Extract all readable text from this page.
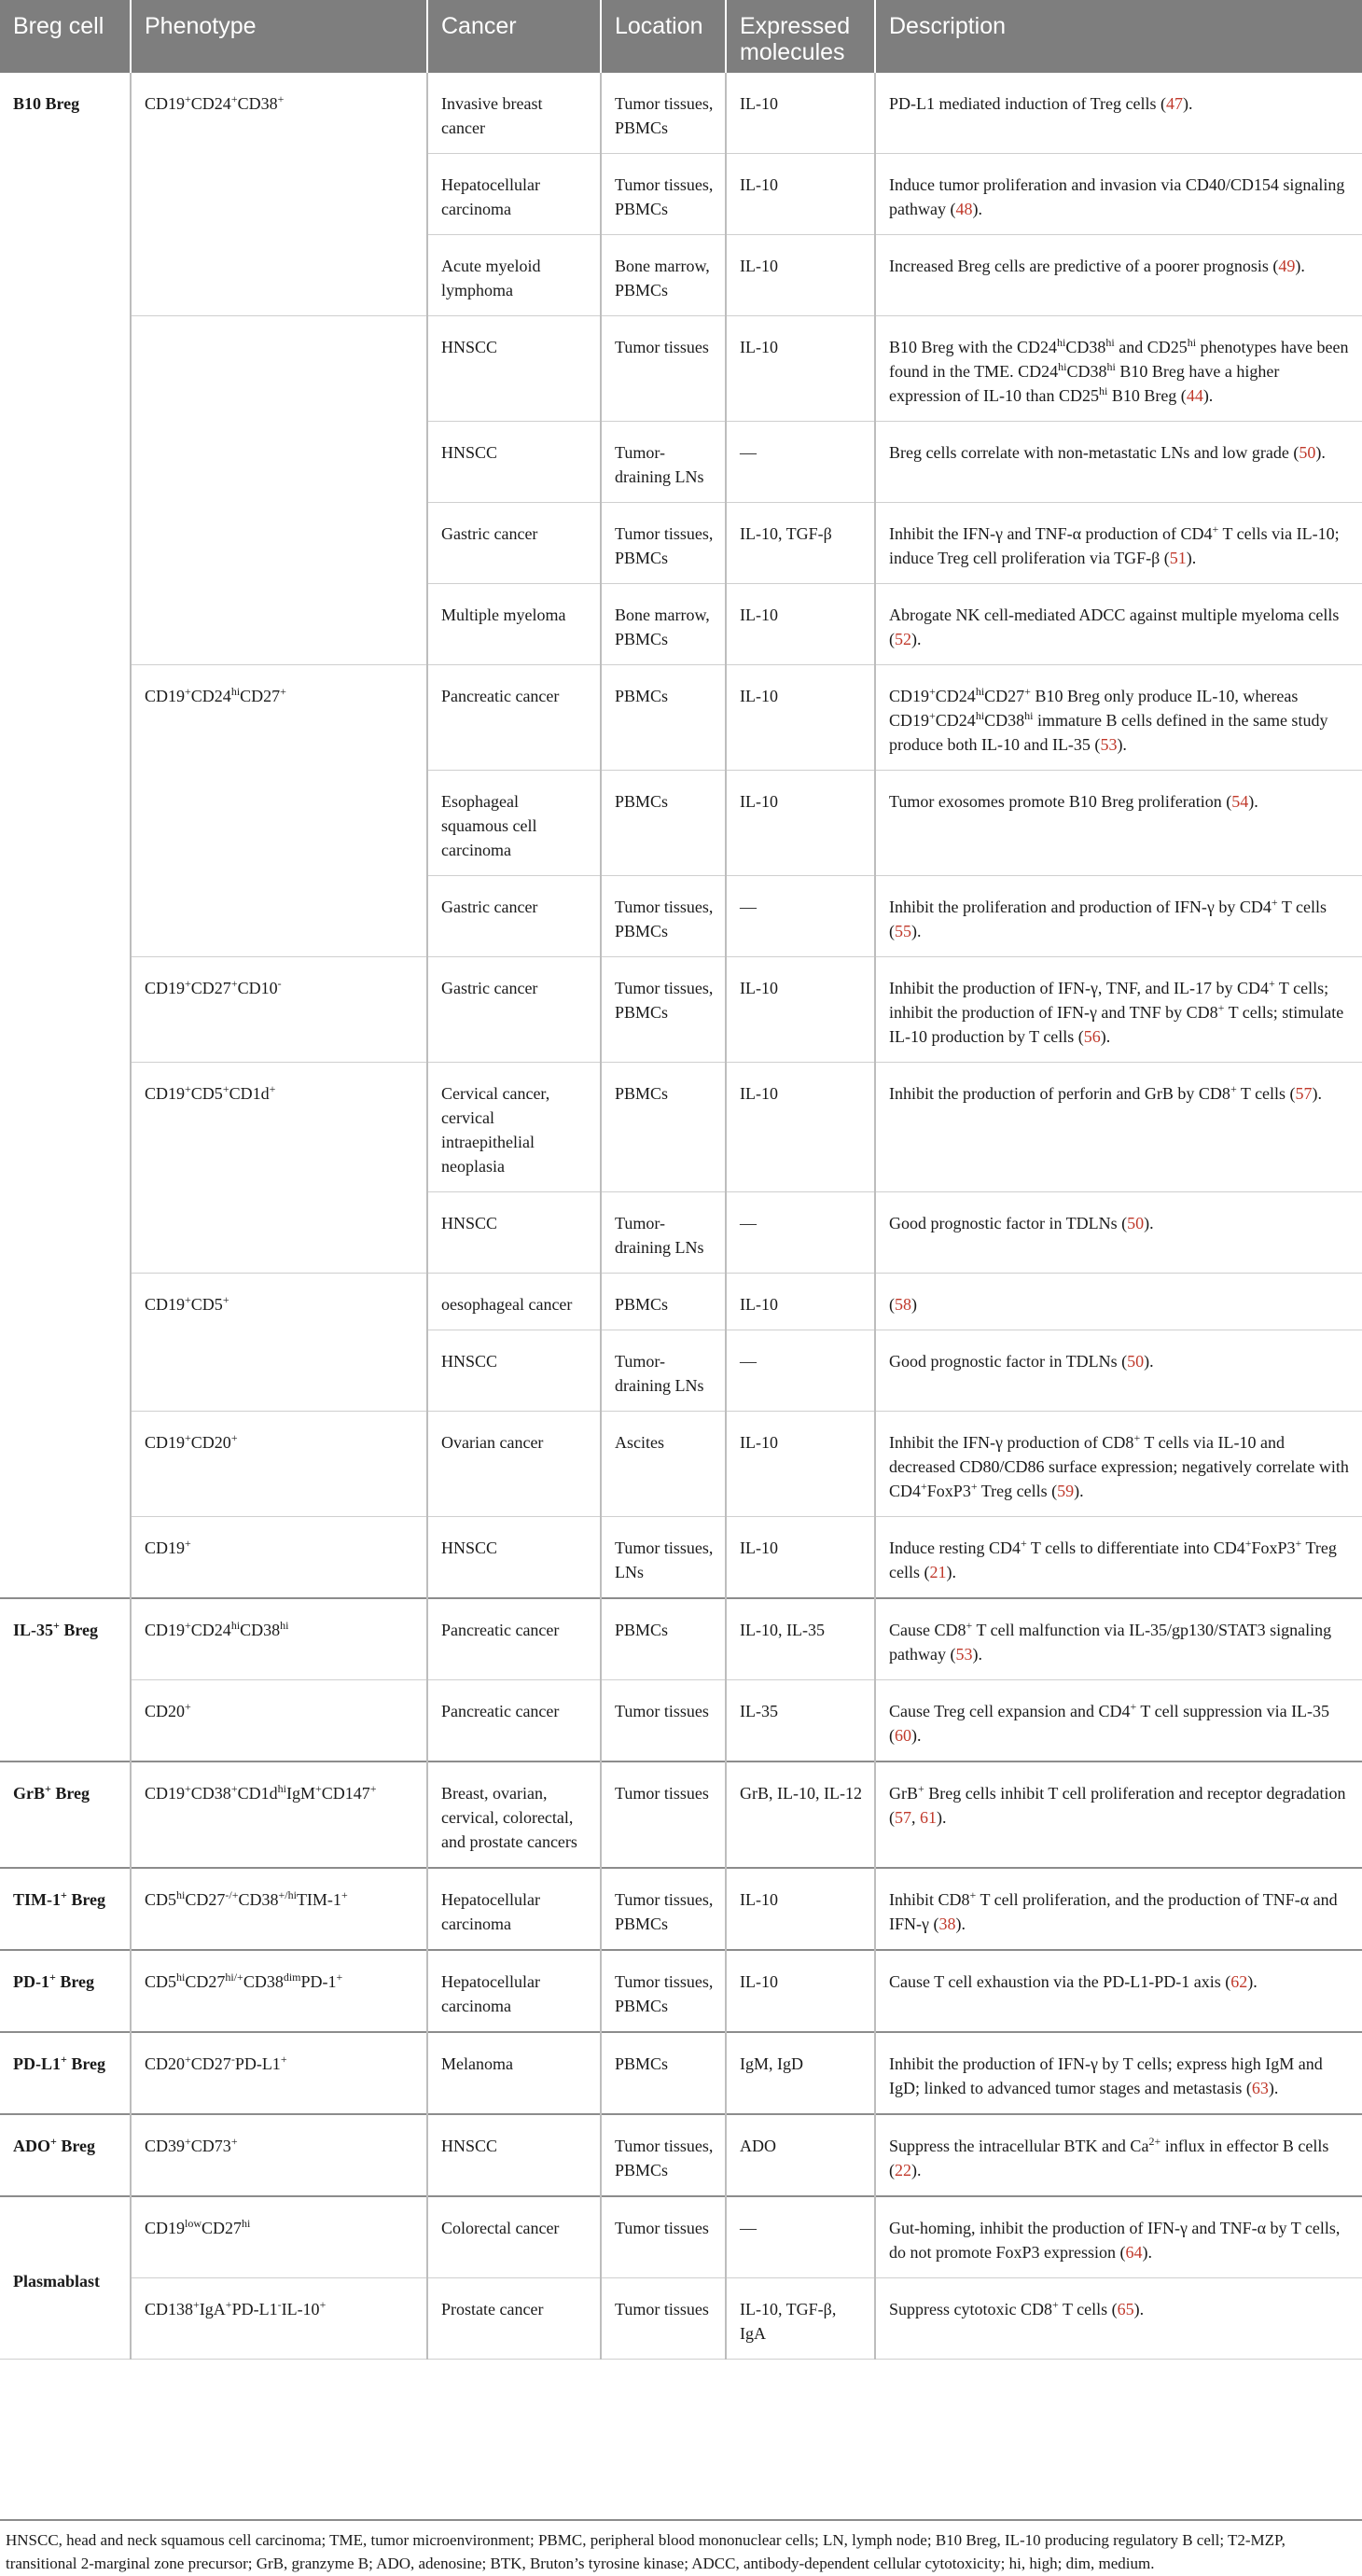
Breg cell	Phenotype	Cancer	Location	Expressed molecules	Description
B10 Breg	CD19+CD24+CD38+	Invasive breast cancer	Tumor tissues, PBMCs	IL-10	PD-L1 mediated induction of Treg cells (47).
		Hepatocellular carcinoma	Tumor tissues, PBMCs	IL-10	Induce tumor proliferation and invasion via CD40/CD154 signaling pathway (48).
		Acute myeloid lymphoma	Bone marrow, PBMCs	IL-10	Increased Breg cells are predictive of a poorer prognosis (49).
		HNSCC	Tumor tissues	IL-10	B10 Breg with the $CD24^{hi}CD38^{hi}$ and $CD25^{hi}$ phenotypes have been found in the TME. $CD24^{hi}CD38^{hi}$ B10 Breg have a higher expression of IL-10 than $CD25^{hi}$ B10 Breg (44).
		HNSCC	Tumor-draining LNs	—	Breg cells correlate with non-metastatic LNs and low grade (50).
		Gastric cancer	Tumor tissues, PBMCs	IL-10, TGF-β	Inhibit the IFN-γ and TNF-α production of CD4+ T cells via IL-10; induce Treg cell proliferation via TGF-β (51).
		Multiple myeloma	Bone marrow, PBMCs	IL-10	Abrogate NK cell-mediated ADCC against multiple myeloma cells (52).
	$CD19^+CD24^{hi}CD27^+$	Pancreatic cancer	PBMCs	IL-10	$CD19^+CD24^{hi}CD27^+$ B10 Breg only produce IL-10, whereas $CD19^+CD24^{hi}CD38^{hi}$ immature B cells defined in the same study produce both IL-10 and IL-35 (53).
		Esophageal squamous cell carcinoma	PBMCs	IL-10	Tumor exosomes promote B10 Breg proliferation (54).
		Gastric cancer	Tumor tissues, PBMCs	—	Inhibit the proliferation and production of IFN-γ by CD4+ T cells (55).
	CD19+CD27+CD10-	Gastric cancer	Tumor tissues, PBMCs	IL-10	Inhibit the production of IFN-γ, TNF, and IL-17 by CD4+ T cells; inhibit the production of IFN-γ and TNF by CD8+ T cells; stimulate IL-10 production by T cells (56).
	CD19+CD5+CD1d+	Cervical cancer, cervical intraepithelial neoplasia	PBMCs	IL-10	Inhibit the production of perforin and GrB by CD8+ T cells (57).
		HNSCC	Tumor-draining LNs	—	Good prognostic factor in TDLNs (50).
	CD19+CD5+	oesophageal cancer	PBMCs	IL-10	(58)
		HNSCC	Tumor-draining LNs	—	Good prognostic factor in TDLNs (50).
	CD19+CD20+	Ovarian cancer	Ascites	IL-10	Inhibit the IFN-γ production of CD8+ T cells via IL-10 and decreased CD80/CD86 surface expression; negatively correlate with CD4+FoxP3+ Treg cells (59).
	CD19+	HNSCC	Tumor tissues, LNs	IL-10	Induce resting CD4+ T cells to differentiate into CD4+FoxP3+ Treg cells (21).
IL-35+ Breg	$CD19^+CD24^{hi}CD38^{hi}$	Pancreatic cancer	PBMCs	IL-10, IL-35	Cause CD8+ T cell malfunction via IL-35/gp130/STAT3 signaling pathway (53).
	CD20+	Pancreatic cancer	Tumor tissues	IL-35	Cause Treg cell expansion and CD4+ T cell suppression via IL-35 (60).
GrB+ Breg	$CD19^+CD38^+CD1d^{hi}IgM^+CD147^+$	Breast, ovarian, cervical, colorectal, and prostate cancers	Tumor tissues	GrB, IL-10, IL-12	GrB+ Breg cells inhibit T cell proliferation and receptor degradation (57, 61).
TIM-1+ Breg	$CD5^{hi}CD27^{-/+}CD38^{+/hi}TIM-1^+$	Hepatocellular carcinoma	Tumor tissues, PBMCs	IL-10	Inhibit CD8+ T cell proliferation, and the production of TNF-α and IFN-γ (38).
PD-1+ Breg	$CD5^{hi}CD27^{hi/+}CD38^{dim}PD-1^+$	Hepatocellular carcinoma	Tumor tissues, PBMCs	IL-10	Cause T cell exhaustion via the PD-L1-PD-1 axis (62).
PD-L1+ Breg	CD20+CD27-PD-L1+	Melanoma	PBMCs	IgM, IgD	Inhibit the production of IFN-γ by T cells; express high IgM and IgD; linked to advanced tumor stages and metastasis (63).
ADO+ Breg	CD39+CD73+	HNSCC	Tumor tissues, PBMCs	ADO	Suppress the intracellular BTK and $Ca^{2+}$ influx in effector B cells (22).
Plasmablast	$CD19^{low}CD27^{hi}$	Colorectal cancer	Tumor tissues	—	Gut-homing, inhibit the production of IFN-γ and TNF-α by T cells, do not promote FoxP3 expression (64).
	CD138+IgA+PD-L1-IL-10+	Prostate cancer	Tumor tissues	IL-10, TGF-β, IgA	Suppress cytotoxic CD8+ T cells (65).
HNSCC, head and neck squamous cell carcinoma; TME, tumor microenvironment; PBMC, peripheral blood mononuclear cells; LN, lymph node; B10 Breg, IL-10 producing regulatory B cell; T2-MZP, transitional 2-marginal zone precursor; GrB, granzyme B; ADO, adenosine; BTK, Bruton’s tyrosine kinase; ADCC, antibody-dependent cellular cytotoxicity; hi, high; dim, medium.
